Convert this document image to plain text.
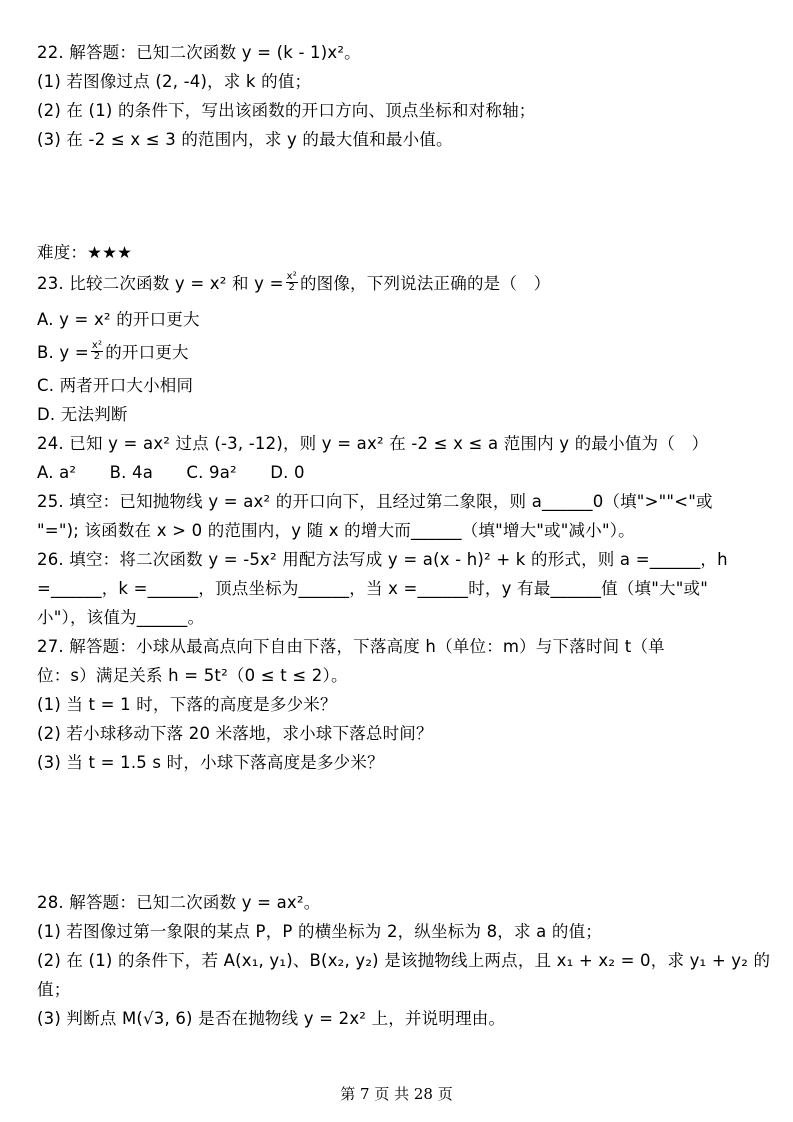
22. 解答题：已知二次函数 y = (k - 1)x²。
(1) 若图像过点 (2, -4)，求 k 的值；
(2) 在 (1) 的条件下，写出该函数的开口方向、顶点坐标和对称轴；
(3) 在 -2 ≤ x ≤ 3 的范围内，求 y 的最大值和最小值。
难度：★★★
23. 比较二次函数 y = x² 和 $y = \frac{\text{x²}}{2}$ 的图像，下列说法正确的是（　）
A. y = x² 的开口更大
B. $y = \frac{\text{x²}}{2}$ 的开口更大
C. 两者开口大小相同
D. 无法判断
24. 已知 y = ax² 过点 (-3, -12)，则 y = ax² 在 -2 ≤ x ≤ a 范围内 y 的最小值为（　）
A. a²　　B. 4a　　C. 9a²　　D. 0
25. 填空：已知抛物线 y = ax² 的开口向下，且经过第二象限，则 a______0（填">""<"或
"="); 该函数在 x > 0 的范围内，y 随 x 的增大而______（填"增大"或"减小"）。
26. 填空：将二次函数 y = -5x² 用配方法写成 y = a(x - h)² + k 的形式，则 a =______，h
=______，k =______，顶点坐标为______，当 x =______时，y 有最______值（填"大"或"
小"），该值为______。
27. 解答题：小球从最高点向下自由下落，下落高度 h（单位：m）与下落时间 t（单
位：s）满足关系 h = 5t²（0 ≤ t ≤ 2）。
(1) 当 t = 1 时，下落的高度是多少米？
(2) 若小球移动下落 20 米落地，求小球下落总时间？
(3) 当 t = 1.5 s 时，小球下落高度是多少米？
28. 解答题：已知二次函数 y = ax²。
(1) 若图像过第一象限的某点 P，P 的横坐标为 2，纵坐标为 8，求 a 的值；
(2) 在 (1) 的条件下，若 A(x₁, y₁)、B(x₂, y₂) 是该抛物线上两点，且 x₁ + x₂ = 0，求 y₁ + y₂ 的
值；
(3) 判断点 M(√3, 6) 是否在抛物线 y = 2x² 上，并说明理由。
第 7 页 共 28 页
